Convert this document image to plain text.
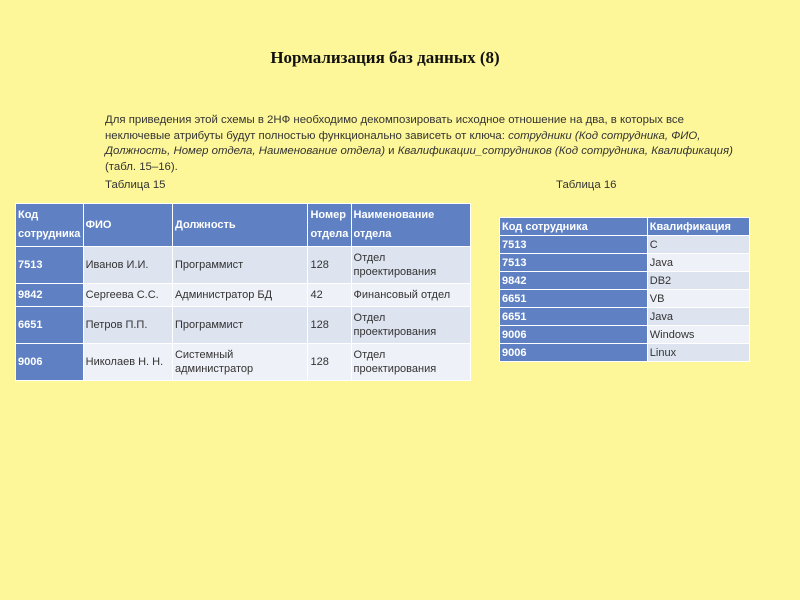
Нормализация баз данных (8)
Для приведения этой схемы в 2НФ необходимо декомпозировать исходное отношение на два, в которых все неключевые атрибуты будут полностью функционально зависеть от ключа: сотрудники (Код сотрудника, ФИО, Должность, Номер отдела, Наименование отдела) и Квалификации_сотрудников (Код сотрудника, Квалификация) (табл. 15–16).
Таблица 15	Таблица 16
Код сотрудника	ФИО	Должность	Номер отдела	Наименование отдела
7513	Иванов И.И.	Программист	128	Отдел проектирования
9842	Сергеева С.С.	Администратор БД	42	Финансовый отдел
6651	Петров П.П.	Программист	128	Отдел проектирования
9006	Николаев Н. Н.	Системный администратор	128	Отдел проектирования
Код сотрудника	Квалификация
7513	C
7513	Java
9842	DB2
6651	VB
6651	Java
9006	Windows
9006	Linux
